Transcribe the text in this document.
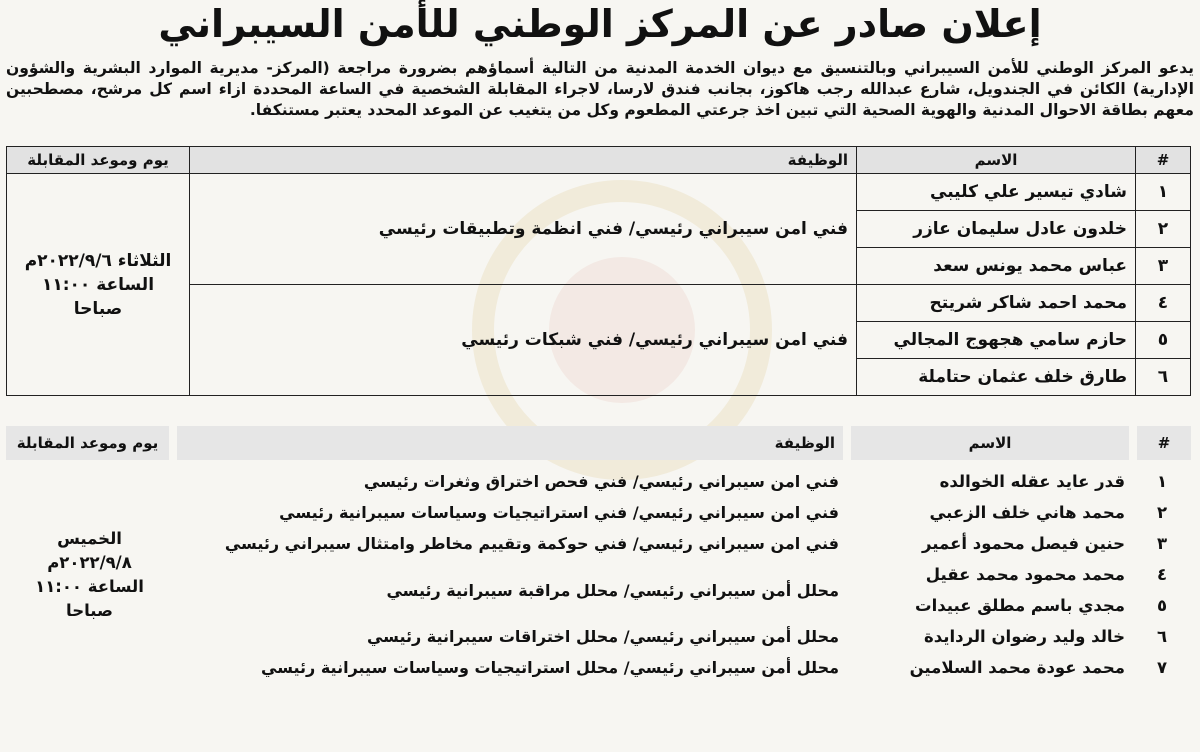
إعلان صادر عن المركز الوطني للأمن السيبراني
يدعو المركز الوطني للأمن السيبراني وبالتنسيق مع ديوان الخدمة المدنية من التالية أسماؤهم بضرورة مراجعة (المركز- مديرية الموارد البشرية والشؤون الإدارية) الكائن في الجندويل، شارع عبدالله رجب هاكوز، بجانب فندق لارسا، لاجراء المقابلة الشخصية في الساعة المحددة ازاء اسم كل مرشح، مصطحبين معهم بطاقة الاحوال المدنية والهوية الصحية التي تبين اخذ جرعتي المطعوم وكل من يتغيب عن الموعد المحدد يعتبر مستنكفا.
#	الاسم	الوظيفة	يوم وموعد المقابلة
١	شادي تيسير علي كليبي	فني امن سيبراني رئيسي/ فني انظمة وتطبيقات رئيسي	الثلاثاء ٢٠٢٢/٩/٦م
الساعة ١١:٠٠ صباحا

٢	خلدون عادل سليمان عازر		
٣	عباس محمد يونس سعد		
٤	محمد احمد شاكر شريتح	فني امن سيبراني رئيسي/ فني شبكات رئيسي	
٥	حازم سامي هجهوج المجالي		
٦	طارق خلف عثمان حتاملة		
#	الاسم	الوظيفة	يوم وموعد المقابلة

١	قدر عايد عقله الخوالده	فني امن سيبراني رئيسي/ فني فحص اختراق وثغرات رئيسي	الخميس ٢٠٢٢/٩/٨م
الساعة ١١:٠٠ صباحا

٢	محمد هاني خلف الزعبي	فني امن سيبراني رئيسي/ فني استراتيجيات وسياسات سيبرانية رئيسي	
٣	حنين فيصل محمود أعمير	فني امن سيبراني رئيسي/ فني حوكمة وتقييم مخاطر وامتثال سيبراني رئيسي	
٤	محمد محمود محمد عقيل	محلل أمن سيبراني رئيسي/ محلل مراقبة سيبرانية رئيسي	
٥	مجدي باسم مطلق عبيدات		
٦	خالد وليد رضوان الردايدة	محلل أمن سيبراني رئيسي/ محلل اختراقات سيبرانية رئيسي	
٧	محمد عودة محمد السلامين	محلل أمن سيبراني رئيسي/ محلل استراتيجيات وسياسات سيبرانية رئيسي	
